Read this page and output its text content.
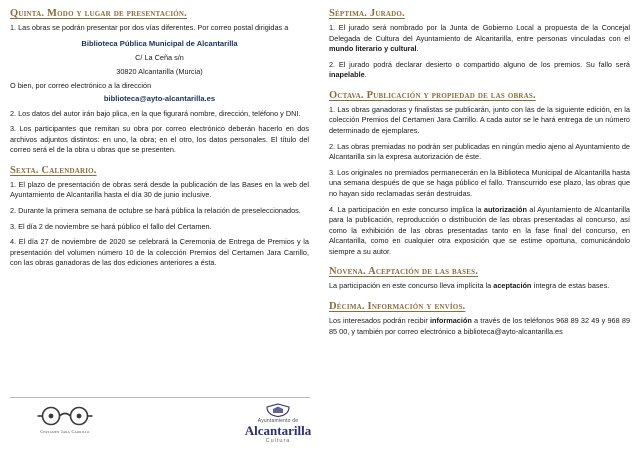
Quinta. Modo y lugar de presentación.

1. Las obras se podrán presentar por dos vías diferentes. Por correo postal dirigidas a

Biblioteca Pública Municipal de Alcantarilla

C/ La Ceña s/n

30820 Alcantarilla (Murcia)

O bien, por correo electrónico a la dirección

biblioteca@ayto-alcantarilla.es

2. Los datos del autor irán bajo plica, en la que figurará nombre, dirección, teléfono y DNI.

3. Los participantes que remitan su obra por correo electrónico deberán hacerlo en dos archivos adjuntos distintos: en uno, la obra; en el otro, los datos personales. El título del correo será el de la obra u obras que se presenten.

Sexta. Calendario.

1. El plazo de presentación de obras será desde la publicación de las Bases en la web del Ayuntamiento de Alcantarilla hasta el día 30 de junio inclusive.

2. Durante la primera semana de octubre se hará pública la relación de preseleccionados.

3. El día 2 de noviembre se hará público el fallo del Certamen.

4. El día 27 de noviembre de 2020 se celebrará la Ceremonia de Entrega de Premios y la presentación del volumen número 10 de la colección Premios del Certamen Jara Carrillo, con las obras ganadoras de las dos ediciones anteriores a ésta.

Séptima. Jurado.

1. El jurado será nombrado por la Junta de Gobierno Local a propuesta de la Concejal Delegada de Cultura del Ayuntamiento de Alcantarilla, entre personas vinculadas con el mundo literario y cultural.

2. El jurado podrá declarar desierto o compartido alguno de los premios. Su fallo será inapelable.

Octava. Publicación y propiedad de las obras.

1. Las obras ganadoras y finalistas se publicarán, junto con las de la siguiente edición, en la colección Premios del Certamen Jara Carrillo. A cada autor se le hará entrega de un número determinado de ejemplares.

2. Las obras premiadas no podrán ser publicadas en ningún medio ajeno al Ayuntamiento de Alcantarilla sin la expresa autorización de éste.

3. Los originales no premiados permanecerán en la Biblioteca Municipal de Alcantarilla hasta una semana después de que se haga público el fallo. Transcurrido ese plazo, las obras que no hayan sido reclamadas serán destruidas.

4. La participación en este concurso implica la autorización al Ayuntamiento de Alcantarilla para la publicación, reproducción o distribución de las obras presentadas al concurso, así como la exhibición de las obras presentadas tanto en la fase final del concurso, en Alcantarilla, como en cualquier otra exposición que se estime oportuna, comunicándolo siempre a su autor.

Novena. Aceptación de las bases.

La participación en este concurso lleva implícita la aceptación íntegra de estas bases.

Décima. Información y envíos.

Los interesados podrán recibir información a través de los teléfonos 968 89 32 49 y 968 89 85 00, y también por correo electrónico a biblioteca@ayto-alcantarilla.es

Certamen Jara Carrillo
Ayuntamiento de
Alcantarilla
Cultura
